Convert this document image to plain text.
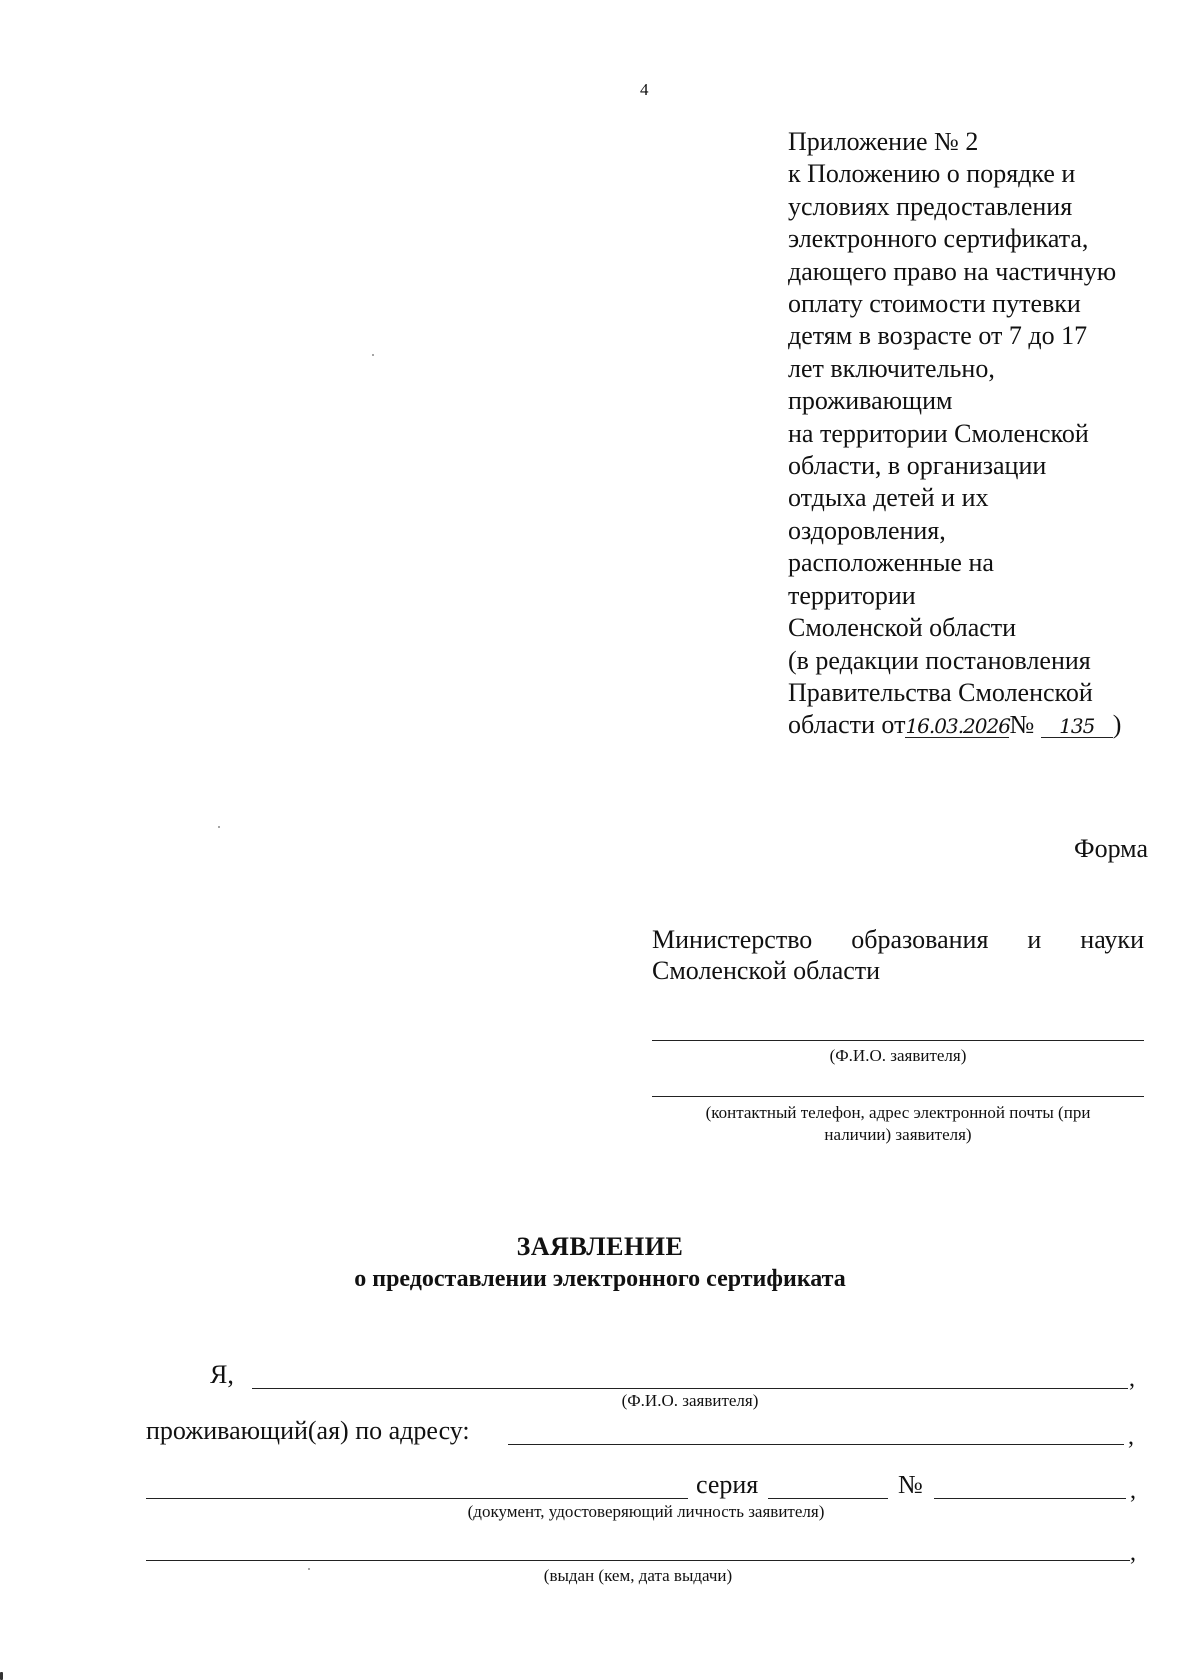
4
Приложение № 2
к Положению о порядке и
условиях предоставления
электронного сертификата,
дающего право на частичную
оплату стоимости путевки
детям в возрасте от 7 до 17
лет включительно,
проживающим
на территории Смоленской
области, в организации
отдыха детей и их
оздоровления,
расположенные на
территории
Смоленской области
(в редакции постановления
Правительства Смоленской
области от16.03.2026№ 135 )
Форма
Министерство образования и науки
Смоленской области
(Ф.И.О. заявителя)
(контактный телефон, адрес электронной почты (при
наличии) заявителя)
ЗАЯВЛЕНИЕ
о предоставлении электронного сертификата
Я,	,
(Ф.И.О. заявителя)
проживающий(ая) по адресу:	,
серия	№	,
(документ, удостоверяющий личность заявителя)
,
(выдан (кем, дата выдачи)
